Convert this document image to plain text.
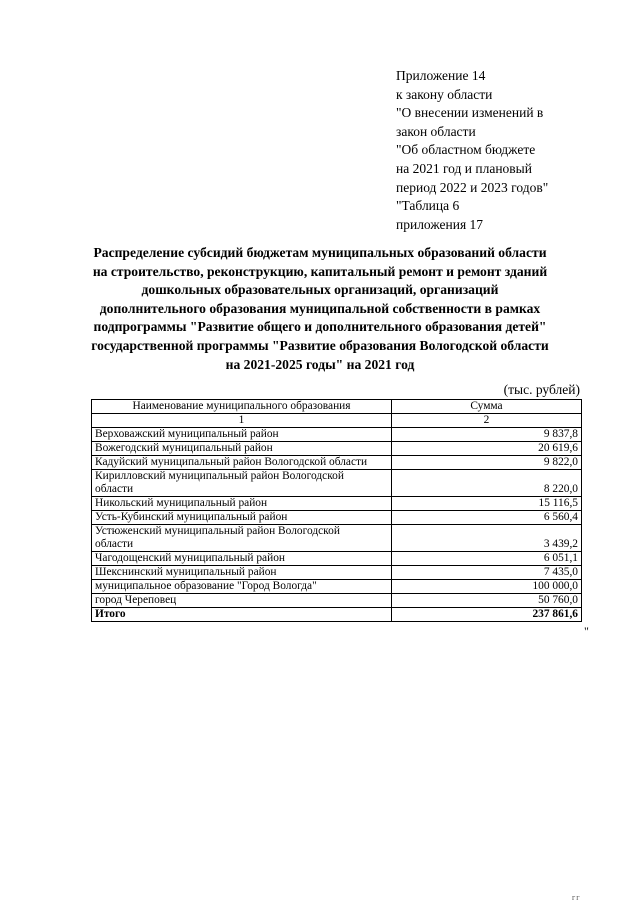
Приложение 14
к закону области
"О внесении изменений в
закон области
"Об областном бюджете
на 2021 год и плановый
период 2022 и 2023 годов"
"Таблица 6
приложения 17
Распределение субсидий бюджетам муниципальных образований области
на строительство, реконструкцию, капитальный ремонт и ремонт зданий
дошкольных образовательных организаций, организаций
дополнительного образования муниципальной собственности в рамках
подпрограммы "Развитие общего и дополнительного образования детей"
государственной программы "Развитие образования Вологодской области
на 2021-2025 годы" на 2021 год
(тыс. рублей)
Наименование муниципального образования	Сумма
1	2

Верховажский муниципальный район	9 837,8

Вожегодский муниципальный район	20 619,6

Кадуйский муниципальный район Вологодской области	9 822,0

Кирилловский муниципальный район Вологодской
области	8 220,0

Никольский муниципальный район	15 116,5

Усть-Кубинский муниципальный район	6 560,4

Устюженский муниципальный район Вологодской
области	3 439,2

Чагодощенский муниципальный район	6 051,1

Шекснинский муниципальный район	7 435,0

муниципальное образование "Город Вологда"	100 000,0

город Череповец	50 760,0
Итого	237 861,6
"
гг
